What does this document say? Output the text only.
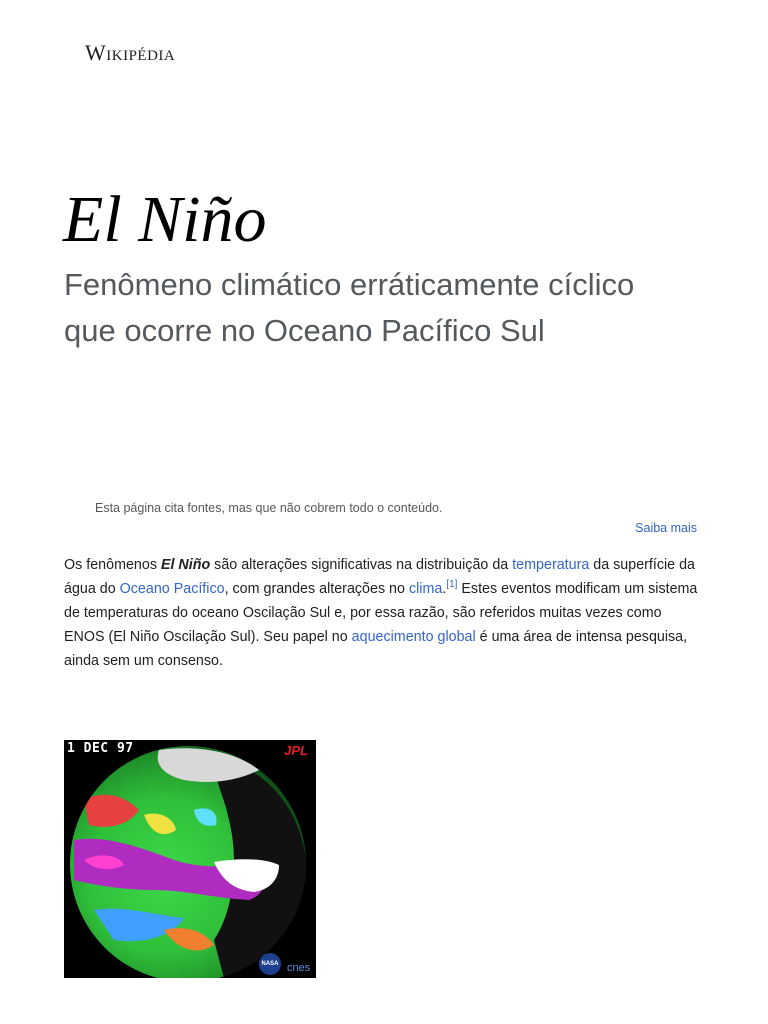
Wikipédia
El Niño
Fenômeno climático erráticamente cíclico que ocorre no Oceano Pacífico Sul
Esta página cita fontes, mas que não cobrem todo o conteúdo.
Saiba mais

Os fenômenos El Niño são alterações significativas na distribuição da temperatura da superfície da água do Oceano Pacífico, com grandes alterações no clima.[1] Estes eventos modificam um sistema de temperaturas do oceano Oscilação Sul e, por essa razão, são referidos muitas vezes como ENOS (El Niño Oscilação Sul). Seu papel no aquecimento global é uma área de intensa pesquisa, ainda sem um consenso.

1 DEC 97	JPL
NASA cnes
